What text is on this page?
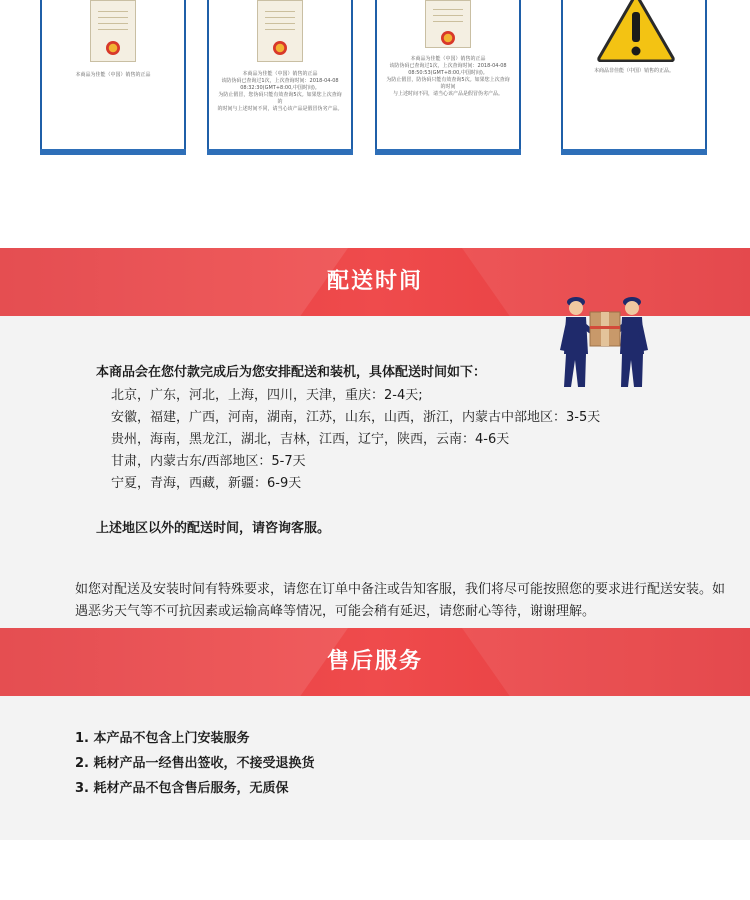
本商品为佳能（中国）销售的正品	本商品为佳能（中国）销售的正品
该防伪码已查询过1次，上次查询时间：2018-04-08
08:32:30(GMT+8:00,中国时间)。
为防止假冒，您伪码只能有效查询5次。如果您上次查询的
的时间与上述时间不同，请当心该产品是假冒伪劣产品。

本商品为佳能（中国）销售的正品
该防伪码已查询过1次，上次查询时间：2018-04-08
08:50:53(GMT+8:00,中国时间)。
为防止假冒，防伪码只能有效查询5次。如果您上次查询的时间
与上述时间不同，请当心该产品是假冒伪劣产品。

本商品非佳能（中国）销售的正品。

配送时间

本商品会在您付款完成后为您安排配送和装机，具体配送时间如下：

北京，广东，河北，上海，四川，天津，重庆：2-4天;

安徽，福建，广西，河南，湖南，江苏，山东，山西，浙江，内蒙古中部地区：3-5天

贵州，海南，黑龙江，湖北，吉林，江西，辽宁，陕西，云南：4-6天

甘肃，内蒙古东/西部地区：5-7天

宁夏，青海，西藏，新疆：6-9天

上述地区以外的配送时间，请咨询客服。

如您对配送及安装时间有特殊要求，请您在订单中备注或告知客服，我们将尽可能按照您的要求进行配送安装。如遇恶劣天气等不可抗因素或运输高峰等情况，可能会稍有延迟，请您耐心等待，谢谢理解。

售后服务

1. 本产品不包含上门安装服务

2. 耗材产品一经售出签收，不接受退换货

3. 耗材产品不包含售后服务，无质保
